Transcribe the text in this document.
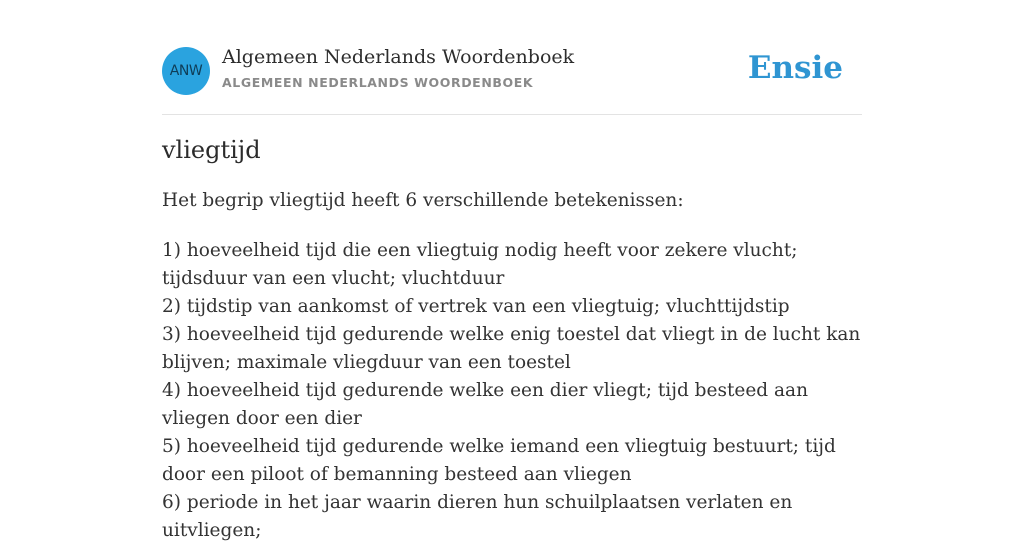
ANW
Algemeen Nederlands Woordenboek
ALGEMEEN NEDERLANDS WOORDENBOEK	Ensie
vliegtijd
Het begrip vliegtijd heeft 6 verschillende betekenissen:
1) hoeveelheid tijd die een vliegtuig nodig heeft voor zekere vlucht; tijdsduur van een vlucht; vluchtduur
2) tijdstip van aankomst of vertrek van een vliegtuig; vluchttijdstip
3) hoeveelheid tijd gedurende welke enig toestel dat vliegt in de lucht kan blijven; maximale vliegduur van een toestel
4) hoeveelheid tijd gedurende welke een dier vliegt; tijd besteed aan vliegen door een dier
5) hoeveelheid tijd gedurende welke iemand een vliegtuig bestuurt; tijd door een piloot of bemanning besteed aan vliegen
6) periode in het jaar waarin dieren hun schuilplaatsen verlaten en uitvliegen;
